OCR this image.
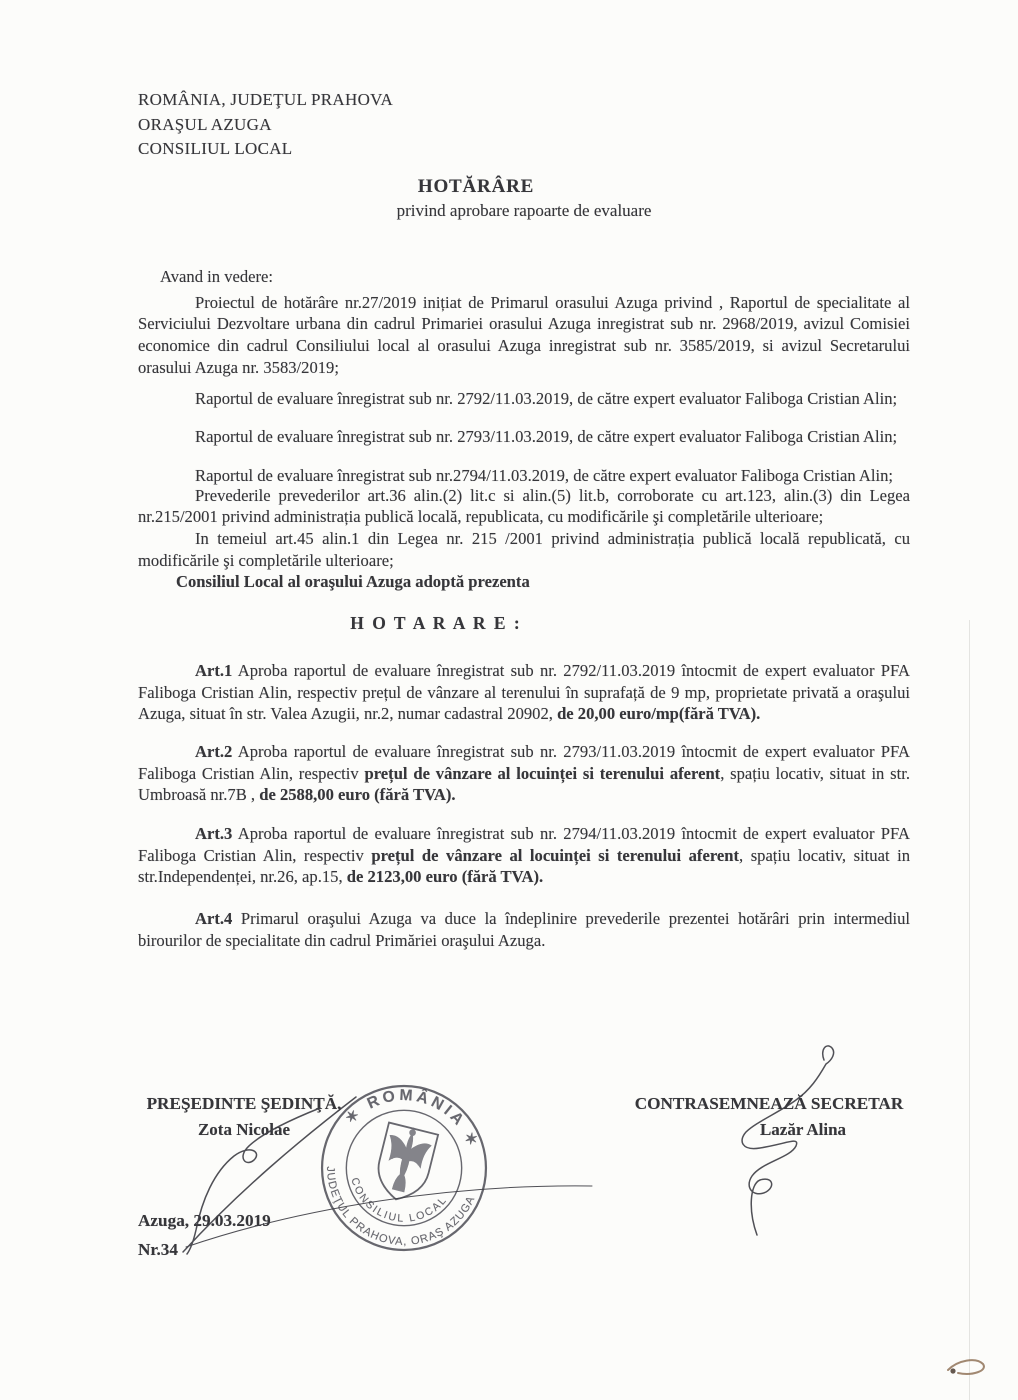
ROMÂNIA, JUDEŢUL PRAHOVA
ORAŞUL AZUGA
CONSILIUL LOCAL
HOTĂRÂRE
privind aprobare rapoarte de evaluare

Avand in vedere:

Proiectul de hotărâre nr.27/2019 inițiat de Primarul orasului Azuga privind , Raportul de specialitate al Serviciului Dezvoltare urbana din cadrul Primariei orasului Azuga inregistrat sub nr. 2968/2019, avizul Comisiei economice din cadrul Consiliului local al orasului Azuga inregistrat sub nr. 3585/2019, si avizul Secretarului orasului Azuga nr. 3583/2019;

Raportul de evaluare înregistrat sub nr. 2792/11.03.2019, de către expert evaluator Faliboga Cristian Alin;

Raportul de evaluare înregistrat sub nr. 2793/11.03.2019, de către expert evaluator Faliboga Cristian Alin;

Raportul de evaluare înregistrat sub nr.2794/11.03.2019, de către expert evaluator Faliboga Cristian Alin;

Prevederile prevederilor art.36 alin.(2) lit.c si alin.(5) lit.b, corroborate cu art.123, alin.(3) din Legea nr.215/2001 privind administrația publică locală, republicata, cu modificările şi completările ulterioare;

In temeiul art.45 alin.1 din Legea nr. 215 /2001 privind administrația publică locală republicată, cu modificările şi completările ulterioare;

Consiliul Local al oraşului Azuga adoptă prezenta

H O T A R A R E :

Art.1 Aproba raportul de evaluare înregistrat sub nr. 2792/11.03.2019 întocmit de expert evaluator PFA Faliboga Cristian Alin, respectiv prețul de vânzare al terenului în suprafață de 9 mp, proprietate privată a oraşului Azuga, situat în str. Valea Azugii, nr.2, numar cadastral 20902, de 20,00 euro/mp(fără TVA).

Art.2 Aproba raportul de evaluare înregistrat sub nr. 2793/11.03.2019 întocmit de expert evaluator PFA Faliboga Cristian Alin, respectiv prețul de vânzare al locuinței si terenului aferent, spațiu locativ, situat in str. Umbroasă nr.7B , de 2588,00 euro (fără TVA).

Art.3 Aproba raportul de evaluare înregistrat sub nr. 2794/11.03.2019 întocmit de expert evaluator PFA Faliboga Cristian Alin, respectiv prețul de vânzare al locuinței si terenului aferent, spațiu locativ, situat in str.Independenței, nr.26, ap.15, de 2123,00 euro (fără TVA).

Art.4 Primarul oraşului Azuga va duce la îndeplinire prevederile prezentei hotărâri prin intermediul birourilor de specialitate din cadrul Primăriei oraşului Azuga.

PREŞEDINTE ŞEDINŢĂ,
Zota Nicolae
CONTRASEMNEAZĂ SECRETAR
Lazăr Alina
Azuga, 29.03.2019
Nr.34
✶ ROMÂNIA ✶
JUDEŢUL PRAHOVA, ORAŞ AZUGA
CONSILIUL LOCAL
